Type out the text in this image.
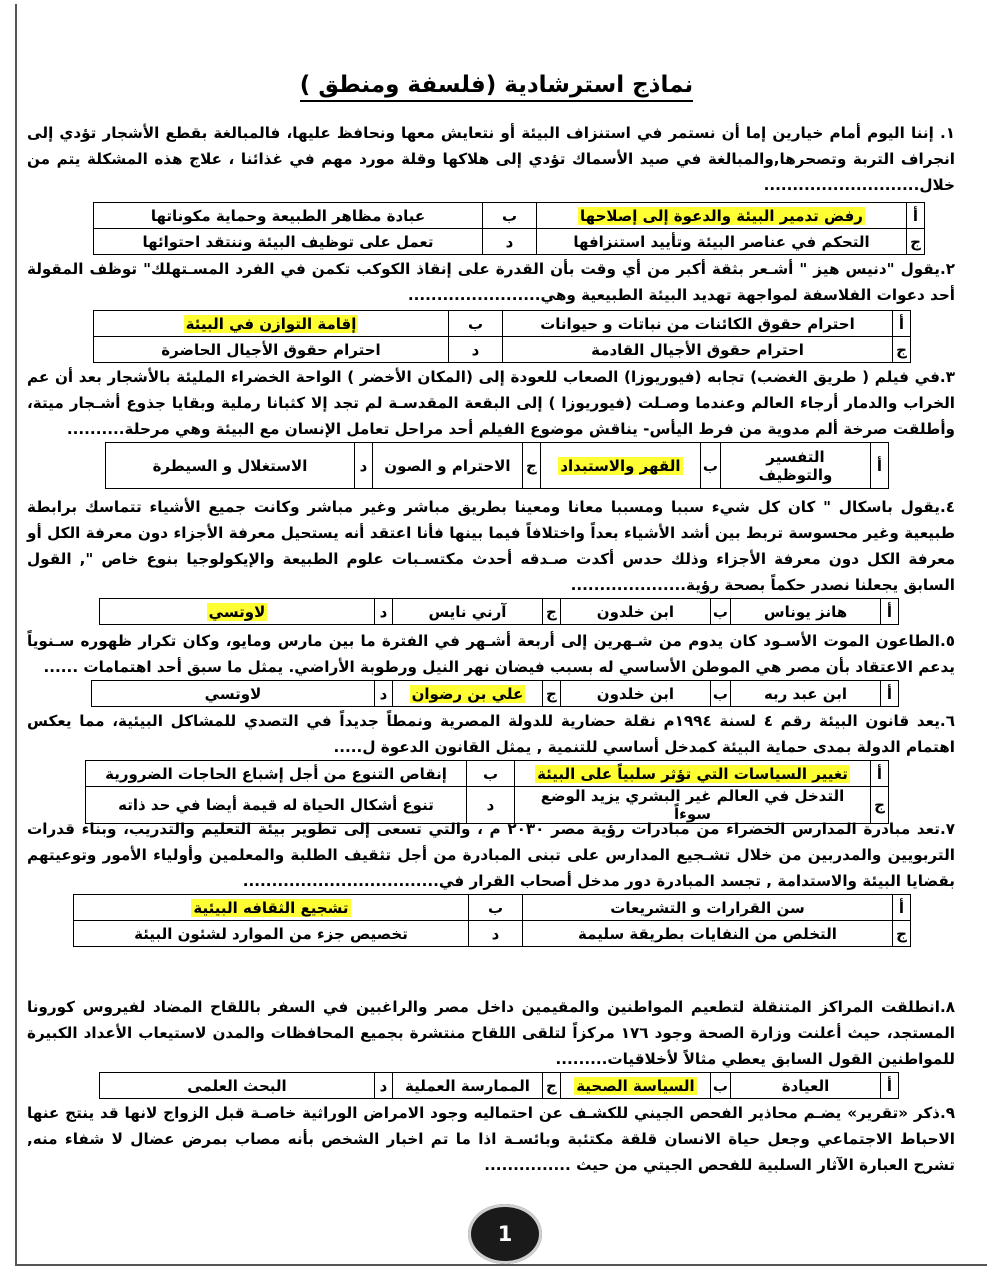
نماذج استرشادية (فلسفة ومنطق )

١. إننا اليوم أمام خيارين إما أن نستمر في استنزاف البيئة أو نتعايش معها ونحافظ عليها، فالمبالغة بقطع الأشجار تؤدي إلى انجراف التربة وتصحرها,والمبالغة في صيد الأسماك تؤدي إلى هلاكها وقلة مورد مهم في غذائنا ، علاج هذه المشكلة يتم من خلال...........................

أ	رفض تدمير البيئة والدعوة إلى إصلاحها	ب	عبادة مظاهر الطبيعة وحماية مكوناتها
ج	التحكم في عناصر البيئة وتأييد استنزافها	د	تعمل على توظيف البيئة وننتقد احتوائها

٢.يقول "دنيس هيز " أشـعر بثقة أكبر من أي وقت بأن القدرة على إنقاذ الكوكب تكمن في الفرد المسـتهلك" توظف المقولة أحد دعوات الفلاسفة لمواجهة تهديد البيئة الطبيعية وهي.......................

أ	احترام حقوق الكائنات من نباتات و حيوانات	ب	إقامة التوازن في البيئة
ج	احترام حقوق الأجيال القادمة	د	احترام حقوق الأجيال الحاضرة

٣.في فيلم ( طريق الغضب) تجابه (فيوريوزا) الصعاب للعودة إلى (المكان الأخضر ) الواحة الخضراء المليئة بالأشجار بعد أن عم الخراب والدمار أرجاء العالم وعندما وصـلت (فيوريوزا ) إلى البقعة المقدسـة لم تجد إلا كثبانا رملية وبقايا جذوع أشـجار ميتة، وأطلقت صرخة ألم مدوية من فرط اليأس- يناقش موضوع الفيلم أحد مراحل تعامل الإنسان مع البيئة وهي مرحلة..........

أ	التفسير والتوظيف	ب	القهر والاستبداد	ج	الاحترام و الصون	د	الاستغلال و السيطرة

٤.يقول باسكال " كان كل شيء سببا ومسببا معانا ومعينا بطريق مباشر وغير مباشر وكانت جميع الأشياء تتماسك برابطة طبيعية وغير محسوسة تربط بين أشد الأشياء بعداً واختلافاً فيما بينها فأنا اعتقد أنه يستحيل معرفة الأجزاء دون معرفة الكل أو معرفة الكل دون معرفة الأجزاء وذلك حدس أكدت صـدقه أحدث مكتسـبات علوم الطبيعة والإيكولوجيا بنوع خاص ", القول السابق يجعلنا نصدر حكماً بصحة رؤية....................

أ	هانز يوناس	ب	ابن خلدون	ج	آرني نايس	د	لاوتسي

٥.الطاعون الموت الأسـود كان يدوم من شـهرين إلى أربعة أشـهر في الفترة ما بين مارس ومايو، وكان تكرار ظهوره سـنوياً يدعم الاعتقاد بأن مصر هي الموطن الأساسي له بسبب فيضان نهر النيل ورطوبة الأراضي. يمثل ما سبق أحد اهتمامات ......

أ	ابن عبد ربه	ب	ابن خلدون	ج	علي بن رضوان	د	لاوتسي

٦.يعد قانون البيئة رقم ٤ لسنة ١٩٩٤م نقلة حضارية للدولة المصرية ونمطاً جديداً في التصدي للمشاكل البيئية، مما يعكس اهتمام الدولة بمدى حماية البيئة كمدخل أساسي للتنمية , يمثل القانون الدعوة ل.....

أ	تغيير السياسات التي تؤثر سلبياً على البيئة	ب	إنقاص التنوع من أجل إشباع الحاجات الضرورية
ج	التدخل في العالم غير البشري يزيد الوضع سوءاً	د	تنوع أشكال الحياة له قيمة أيضا في حد ذاته

٧.تعد مبادرة المدارس الخضراء من مبادرات رؤية مصر ٢٠٣٠ م ، والتي تسعى إلى تطوير بيئة التعليم والتدريب، وبناء قدرات التربويين والمدربين من خلال تشـجيع المدارس على تبنى المبادرة من أجل تثقيف الطلبة والمعلمين وأولياء الأمور وتوعيتهم بقضايا البيئة والاستدامة , تجسد المبادرة دور مدخل أصحاب القرار في..................................

أ	سن القرارات و التشريعات	ب	تشجيع الثقافه البيئية
ج	التخلص من النفايات بطريقة سليمة	د	تخصيص جزء من الموارد لشئون البيئة

٨.انطلقت المراكز المتنقلة لتطعيم المواطنين والمقيمين داخل مصر والراغبين في السفر باللقاح المضاد لفيروس كورونا المستجد، حيث أعلنت وزارة الصحة وجود ١٧٦ مركزاً لتلقى اللقاح منتشرة بجميع المحافظات والمدن لاستيعاب الأعداد الكبيرة للمواطنين القول السابق يعطي مثالاً لأخلاقيات.........

أ	العيادة	ب	السياسة الصحية	ج	الممارسة العملية	د	البحث العلمى

٩.ذكر «تقرير» يضـم محاذير الفحص الجيني للكشـف عن احتماليه وجود الامراض الوراثية خاصـة قبل الزواج لانها قد ينتج عنها الاحباط الاجتماعي وجعل حياة الانسان قلقة مكتئبة وبائسـة اذا ما تم اخبار الشخص بأنه مصاب بمرض عضال لا شفاء منه, تشرح العبارة الآثار السلبية للفحص الجيتي من حيث ...............

1
